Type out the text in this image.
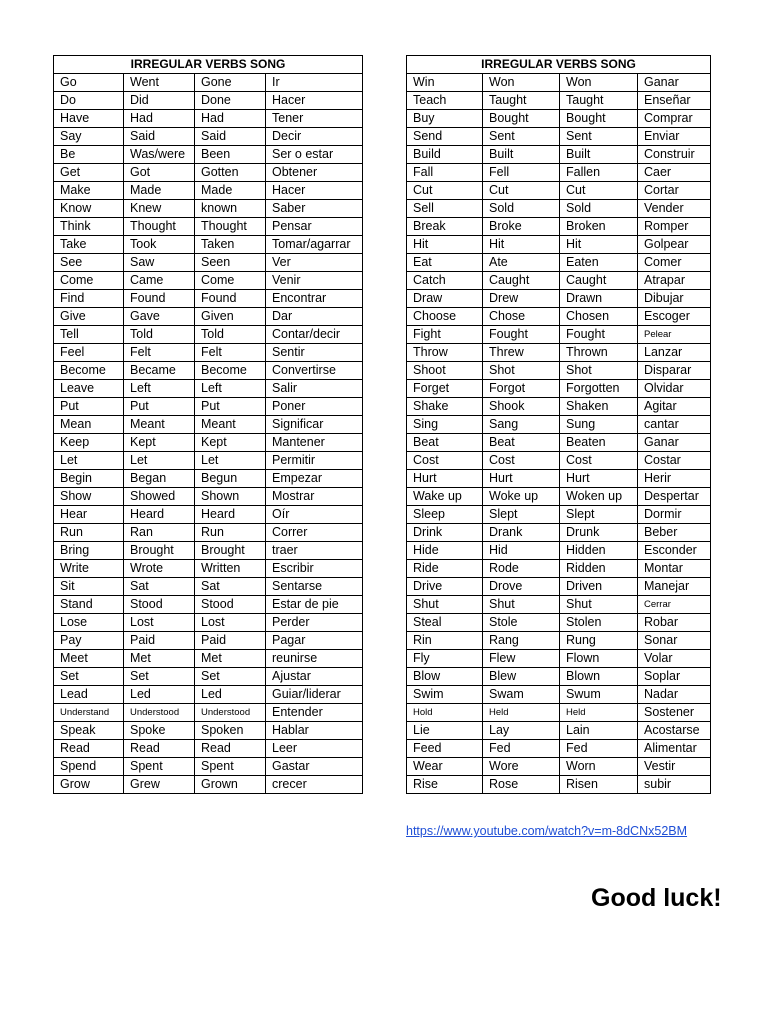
IRREGULAR VERBS SONG			
Go	Went	Gone	Ir
Do	Did	Done	Hacer
Have	Had	Had	Tener
Say	Said	Said	Decir
Be	Was/were	Been	Ser o estar
Get	Got	Gotten	Obtener
Make	Made	Made	Hacer
Know	Knew	known	Saber
Think	Thought	Thought	Pensar
Take	Took	Taken	Tomar/agarrar
See	Saw	Seen	Ver
Come	Came	Come	Venir
Find	Found	Found	Encontrar
Give	Gave	Given	Dar
Tell	Told	Told	Contar/decir
Feel	Felt	Felt	Sentir
Become	Became	Become	Convertirse
Leave	Left	Left	Salir
Put	Put	Put	Poner
Mean	Meant	Meant	Significar
Keep	Kept	Kept	Mantener
Let	Let	Let	Permitir
Begin	Began	Begun	Empezar
Show	Showed	Shown	Mostrar
Hear	Heard	Heard	Oír
Run	Ran	Run	Correr
Bring	Brought	Brought	traer
Write	Wrote	Written	Escribir
Sit	Sat	Sat	Sentarse
Stand	Stood	Stood	Estar de pie
Lose	Lost	Lost	Perder
Pay	Paid	Paid	Pagar
Meet	Met	Met	reunirse
Set	Set	Set	Ajustar
Lead	Led	Led	Guiar/liderar
Understand	Understood	Understood	Entender
Speak	Spoke	Spoken	Hablar
Read	Read	Read	Leer
Spend	Spent	Spent	Gastar
Grow	Grew	Grown	crecer
IRREGULAR VERBS SONG			
Win	Won	Won	Ganar
Teach	Taught	Taught	Enseñar
Buy	Bought	Bought	Comprar
Send	Sent	Sent	Enviar
Build	Built	Built	Construir
Fall	Fell	Fallen	Caer
Cut	Cut	Cut	Cortar
Sell	Sold	Sold	Vender
Break	Broke	Broken	Romper
Hit	Hit	Hit	Golpear
Eat	Ate	Eaten	Comer
Catch	Caught	Caught	Atrapar
Draw	Drew	Drawn	Dibujar
Choose	Chose	Chosen	Escoger
Fight	Fought	Fought	Pelear
Throw	Threw	Thrown	Lanzar
Shoot	Shot	Shot	Disparar
Forget	Forgot	Forgotten	Olvidar
Shake	Shook	Shaken	Agitar
Sing	Sang	Sung	cantar
Beat	Beat	Beaten	Ganar
Cost	Cost	Cost	Costar
Hurt	Hurt	Hurt	Herir
Wake up	Woke up	Woken up	Despertar
Sleep	Slept	Slept	Dormir
Drink	Drank	Drunk	Beber
Hide	Hid	Hidden	Esconder
Ride	Rode	Ridden	Montar
Drive	Drove	Driven	Manejar
Shut	Shut	Shut	Cerrar
Steal	Stole	Stolen	Robar
Rin	Rang	Rung	Sonar
Fly	Flew	Flown	Volar
Blow	Blew	Blown	Soplar
Swim	Swam	Swum	Nadar
Hold	Held	Held	Sostener
Lie	Lay	Lain	Acostarse
Feed	Fed	Fed	Alimentar
Wear	Wore	Worn	Vestir
Rise	Rose	Risen	subir
https://www.youtube.com/watch?v=m-8dCNx52BM
Good luck!
